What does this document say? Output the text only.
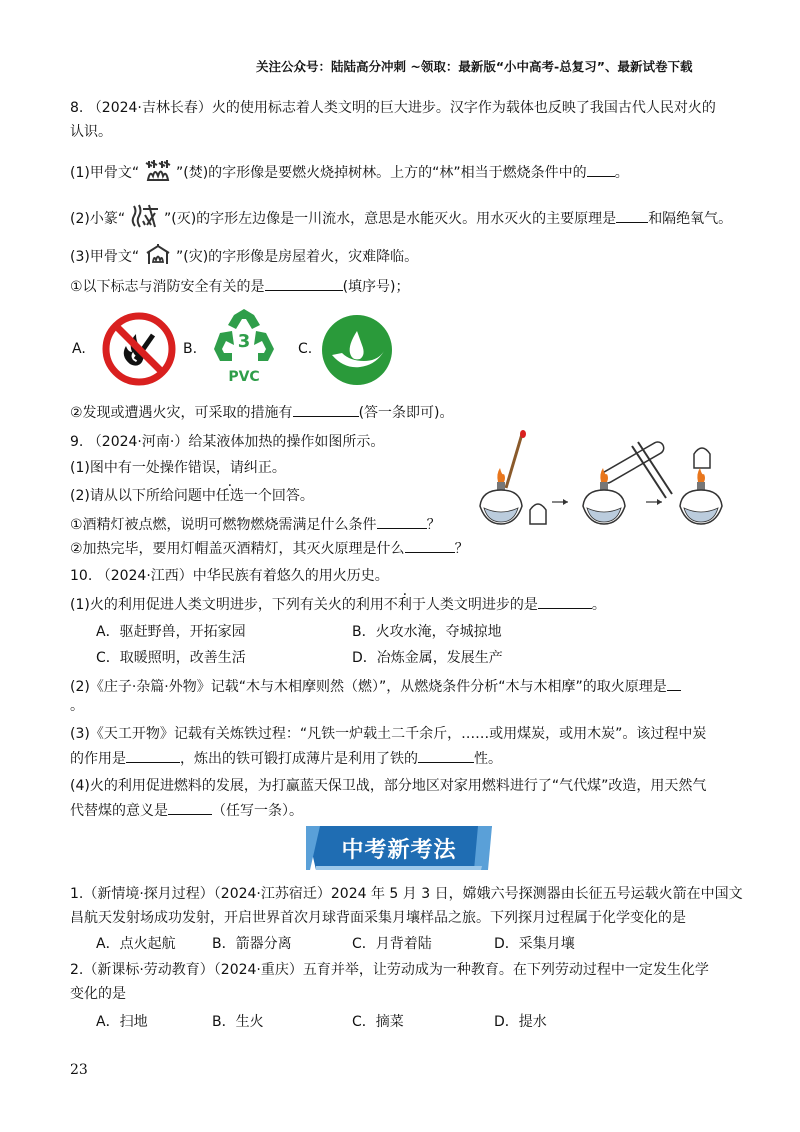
关注公众号：陆陆高分冲刺 ~领取：最新版“小中高考-总复习”、最新试卷下载
8. （2024·吉林长春）火的使用标志着人类文明的巨大进步。汉字作为载体也反映了我国古代人民对火的
认识。
(1)甲骨文“	”(焚)的字形像是要燃火烧掉树林。上方的“林”相当于燃烧条件中的 。
(2)小篆“	”(灭)的字形左边像是一川流水，意思是水能灭火。用水灭火的主要原理是 和隔绝氧气。
(3)甲骨文“	”(灾)的字形像是房屋着火，灾难降临。
①以下标志与消防安全有关的是	(填序号)；
A.	B. 3
PVC
C.
②发现或遭遇火灾，可采取的措施有	(答一条即可)。
9. （2024·河南·）给某液体加热的操作如图所示。
(1)图中有一处操作错误，请纠正。
(2)请从以下所给问题中任选一个回答。
①酒精灯被点燃，说明可燃物燃烧需满足什么条件	？
②加热完毕，要用灯帽盖灭酒精灯，其灭火原理是什么	？
10. （2024·江西）中华民族有着悠久的用火历史。
(1)火的利用促进人类文明进步，下列有关火的利用不利于人类文明进步的是	。
A．驱赶野兽，开拓家园	B．火攻水淹，夺城掠地
C．取暖照明，改善生活	D．冶炼金属，发展生产
(2)《庄子·杂篇·外物》记载“木与木相摩则然（燃）”，从燃烧条件分析“木与木相摩”的取火原理是
。
(3)《天工开物》记载有关炼铁过程：“凡铁一炉载土二千余斤，……或用煤炭，或用木炭”。该过程中炭
的作用是	，炼出的铁可锻打成薄片是利用了铁的	性。
(4)火的利用促进燃料的发展，为打赢蓝天保卫战，部分地区对家用燃料进行了“气代煤”改造，用天然气
代替煤的意义是	（任写一条）。
中考新考法
1.（新情境·探月过程）（2024·江苏宿迁）2024 年 5 月 3 日，嫦娥六号探测器由长征五号运载火箭在中国文
昌航天发射场成功发射，开启世界首次月球背面采集月壤样品之旅。下列探月过程属于化学变化的是
A．点火起航	B．箭器分离	C．月背着陆	D．采集月壤
2.（新课标·劳动教育）（2024·重庆）五育并举，让劳动成为一种教育。在下列劳动过程中一定发生化学
变化的是
A．扫地	B．生火	C．摘菜	D．提水
23
